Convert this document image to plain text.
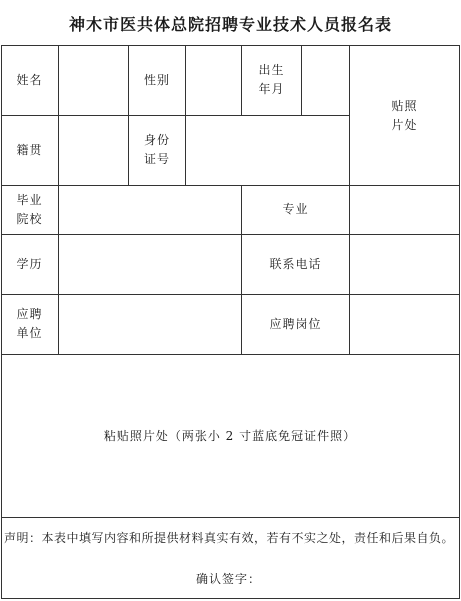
神木市医共体总院招聘专业技术人员报名表
姓名	性别
出生
年月
贴照
片处
籍贯
身份
证号
毕业
院校
专业
学历	联系电话
应聘
单位
应聘岗位
粘贴照片处（两张小 2 寸蓝底免冠证件照）
声明：本表中填写内容和所提供材料真实有效，若有不实之处，责任和后果自负。
确认签字：
